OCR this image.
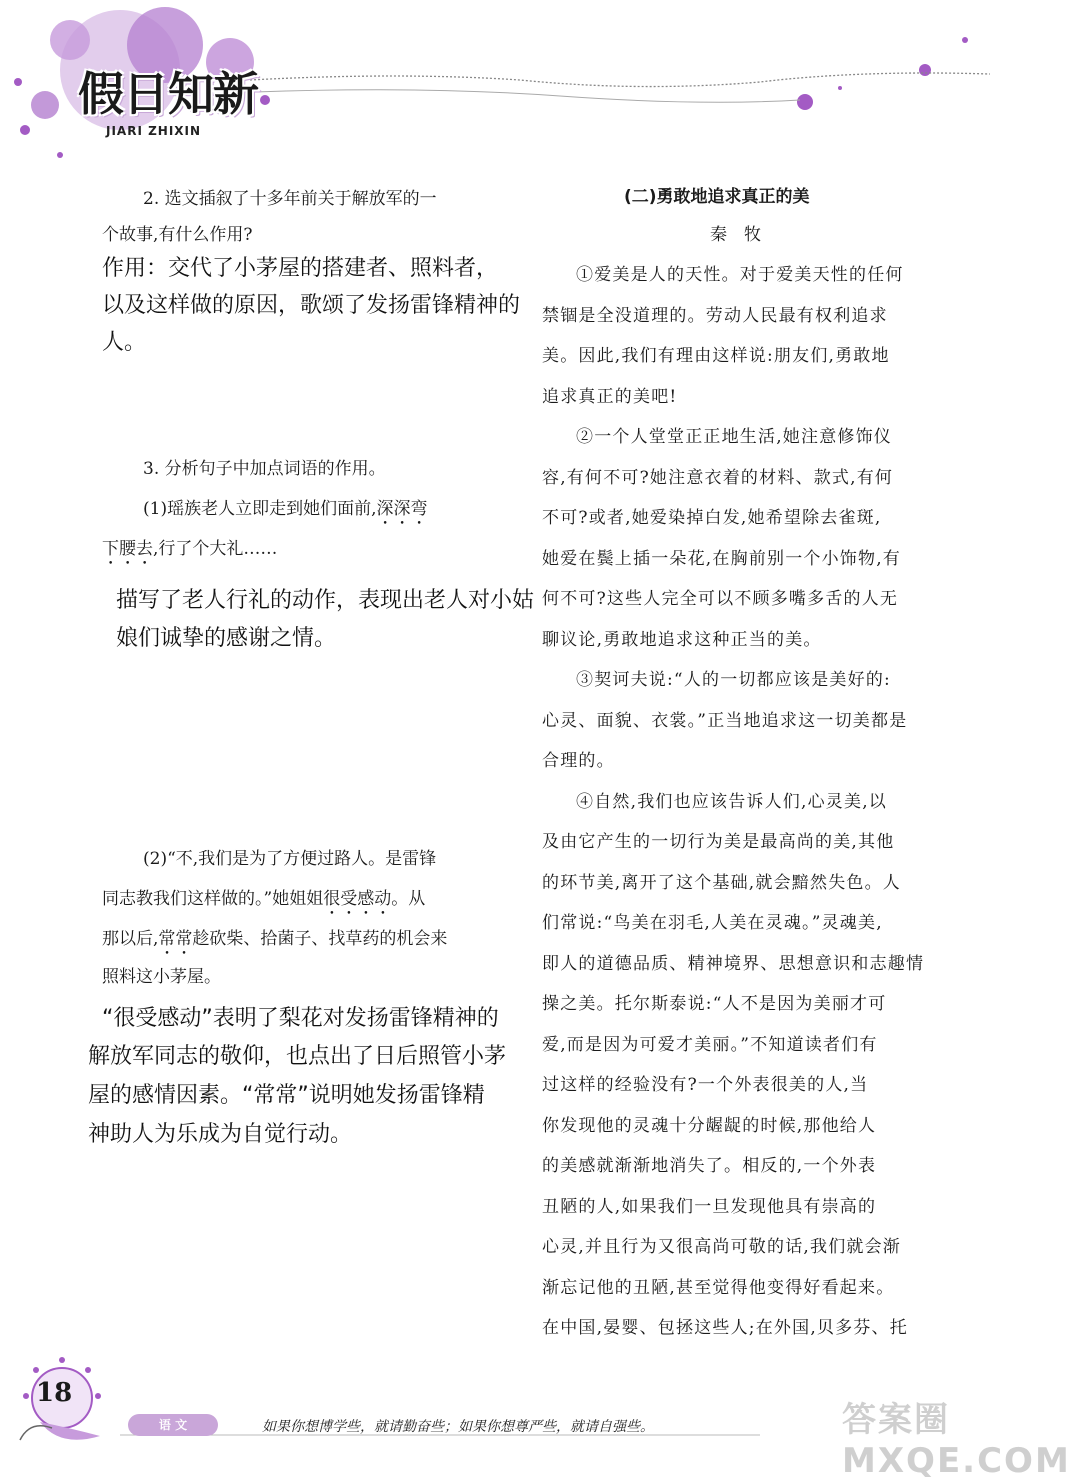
假日知新
JIARI ZHIXIN
2. 选文插叙了十多年前关于解放军的一
个故事,有什么作用?
作用：交代了小茅屋的搭建者、照料者，
以及这样做的原因，歌颂了发扬雷锋精神的
人。
3. 分析句子中加点词语的作用。
(1)瑶族老人立即走到她们面前,深深弯
下腰去,行了个大礼……
描写了老人行礼的动作，表现出老人对小姑
娘们诚挚的感谢之情。
(2)“不,我们是为了方便过路人。是雷锋
同志教我们这样做的。”她姐姐很受感动。从
那以后,常常趁砍柴、拾菌子、找草药的机会来
照料这小茅屋。
“很受感动”表明了梨花对发扬雷锋精神的
解放军同志的敬仰，也点出了日后照管小茅
屋的感情因素。“常常”说明她发扬雷锋精
神助人为乐成为自觉行动。
(二)勇敢地追求真正的美
秦　牧
①爱美是人的天性。对于爱美天性的任何
禁锢是全没道理的。劳动人民最有权利追求
美。因此,我们有理由这样说:朋友们,勇敢地
追求真正的美吧!
②一个人堂堂正正地生活,她注意修饰仪
容,有何不可?她注意衣着的材料、款式,有何
不可?或者,她爱染掉白发,她希望除去雀斑,
她爱在鬓上插一朵花,在胸前别一个小饰物,有
何不可?这些人完全可以不顾多嘴多舌的人无
聊议论,勇敢地追求这种正当的美。
③契诃夫说:“人的一切都应该是美好的:
心灵、面貌、衣裳。”正当地追求这一切美都是
合理的。
④自然,我们也应该告诉人们,心灵美,以
及由它产生的一切行为美是最高尚的美,其他
的环节美,离开了这个基础,就会黯然失色。人
们常说:“鸟美在羽毛,人美在灵魂。”灵魂美,
即人的道德品质、精神境界、思想意识和志趣情
操之美。托尔斯泰说:“人不是因为美丽才可
爱,而是因为可爱才美丽。”不知道读者们有
过这样的经验没有?一个外表很美的人,当
你发现他的灵魂十分龌龊的时候,那他给人
的美感就渐渐地消失了。相反的,一个外表
丑陋的人,如果我们一旦发现他具有崇高的
心灵,并且行为又很高尚可敬的话,我们就会渐
渐忘记他的丑陋,甚至觉得他变得好看起来。
在中国,晏婴、包拯这些人;在外国,贝多芬、托
18
语 文	如果你想博学些，就请勤奋些；如果你想尊严些，就请自强些。	答案圈 MXQE.COM
